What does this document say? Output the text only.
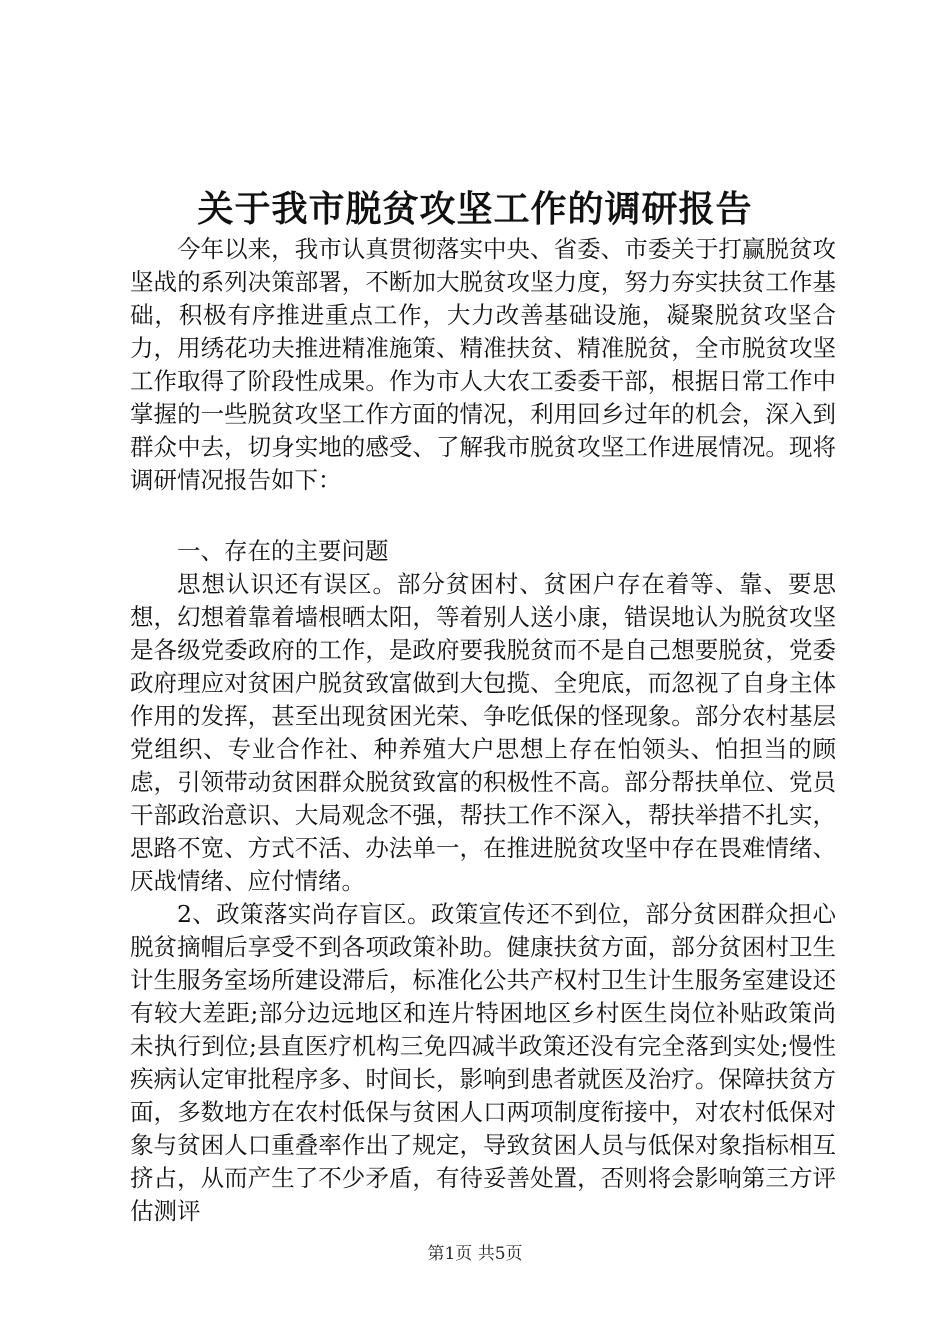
关于我市脱贫攻坚工作的调研报告

今年以来，我市认真贯彻落实中央、省委、市委关于打赢脱贫攻坚战的系列决策部署，不断加大脱贫攻坚力度，努力夯实扶贫工作基础，积极有序推进重点工作，大力改善基础设施，凝聚脱贫攻坚合力，用绣花功夫推进精准施策、精准扶贫、精准脱贫，全市脱贫攻坚工作取得了阶段性成果。作为市人大农工委委干部，根据日常工作中掌握的一些脱贫攻坚工作方面的情况，利用回乡过年的机会，深入到群众中去，切身实地的感受、了解我市脱贫攻坚工作进展情况。现将调研情况报告如下：

一、存在的主要问题

思想认识还有误区。部分贫困村、贫困户存在着等、靠、要思想，幻想着靠着墙根晒太阳，等着别人送小康，错误地认为脱贫攻坚是各级党委政府的工作，是政府要我脱贫而不是自己想要脱贫，党委政府理应对贫困户脱贫致富做到大包揽、全兜底，而忽视了自身主体作用的发挥，甚至出现贫困光荣、争吃低保的怪现象。部分农村基层党组织、专业合作社、种养殖大户思想上存在怕领头、怕担当的顾虑，引领带动贫困群众脱贫致富的积极性不高。部分帮扶单位、党员干部政治意识、大局观念不强，帮扶工作不深入，帮扶举措不扎实，思路不宽、方式不活、办法单一，在推进脱贫攻坚中存在畏难情绪、厌战情绪、应付情绪。

2、政策落实尚存盲区。政策宣传还不到位，部分贫困群众担心脱贫摘帽后享受不到各项政策补助。健康扶贫方面，部分贫困村卫生计生服务室场所建设滞后，标准化公共产权村卫生计生服务室建设还有较大差距;部分边远地区和连片特困地区乡村医生岗位补贴政策尚未执行到位;县直医疗机构三免四减半政策还没有完全落到实处;慢性疾病认定审批程序多、时间长，影响到患者就医及治疗。保障扶贫方面，多数地方在农村低保与贫困人口两项制度衔接中，对农村低保对象与贫困人口重叠率作出了规定，导致贫困人员与低保对象指标相互挤占，从而产生了不少矛盾，有待妥善处置，否则将会影响第三方评估测评

第1页 共5页
